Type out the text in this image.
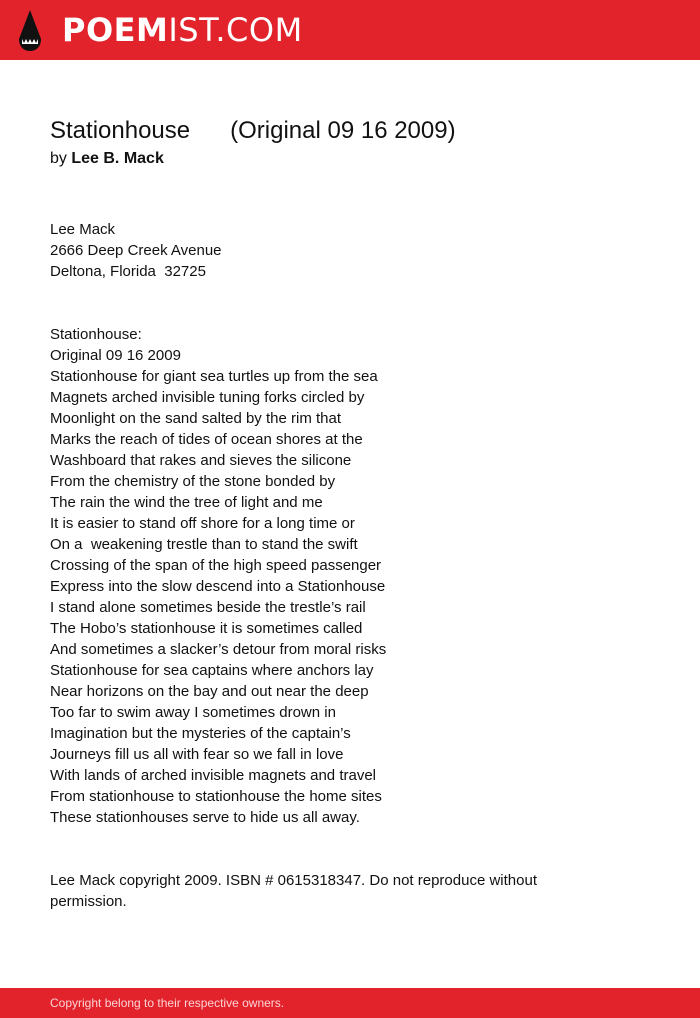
POEMIST.COM
Stationhouse      (Original 09 16 2009)
by Lee B. Mack
Lee Mack
2666 Deep Creek Avenue
Deltona, Florida  32725
Stationhouse:
Original 09 16 2009
Stationhouse for giant sea turtles up from the sea
Magnets arched invisible tuning forks circled by
Moonlight on the sand salted by the rim that
Marks the reach of tides of ocean shores at the
Washboard that rakes and sieves the silicone
From the chemistry of the stone bonded by
The rain the wind the tree of light and me
It is easier to stand off shore for a long time or
On a  weakening trestle than to stand the swift
Crossing of the span of the high speed passenger
Express into the slow descend into a Stationhouse
I stand alone sometimes beside the trestle’s rail
The Hobo’s stationhouse it is sometimes called
And sometimes a slacker’s detour from moral risks
Stationhouse for sea captains where anchors lay
Near horizons on the bay and out near the deep
Too far to swim away I sometimes drown in
Imagination but the mysteries of the captain’s
Journeys fill us all with fear so we fall in love
With lands of arched invisible magnets and travel
From stationhouse to stationhouse the home sites
These stationhouses serve to hide us all away.
Lee Mack copyright 2009. ISBN # 0615318347. Do not reproduce without permission.
Copyright belong to their respective owners.
